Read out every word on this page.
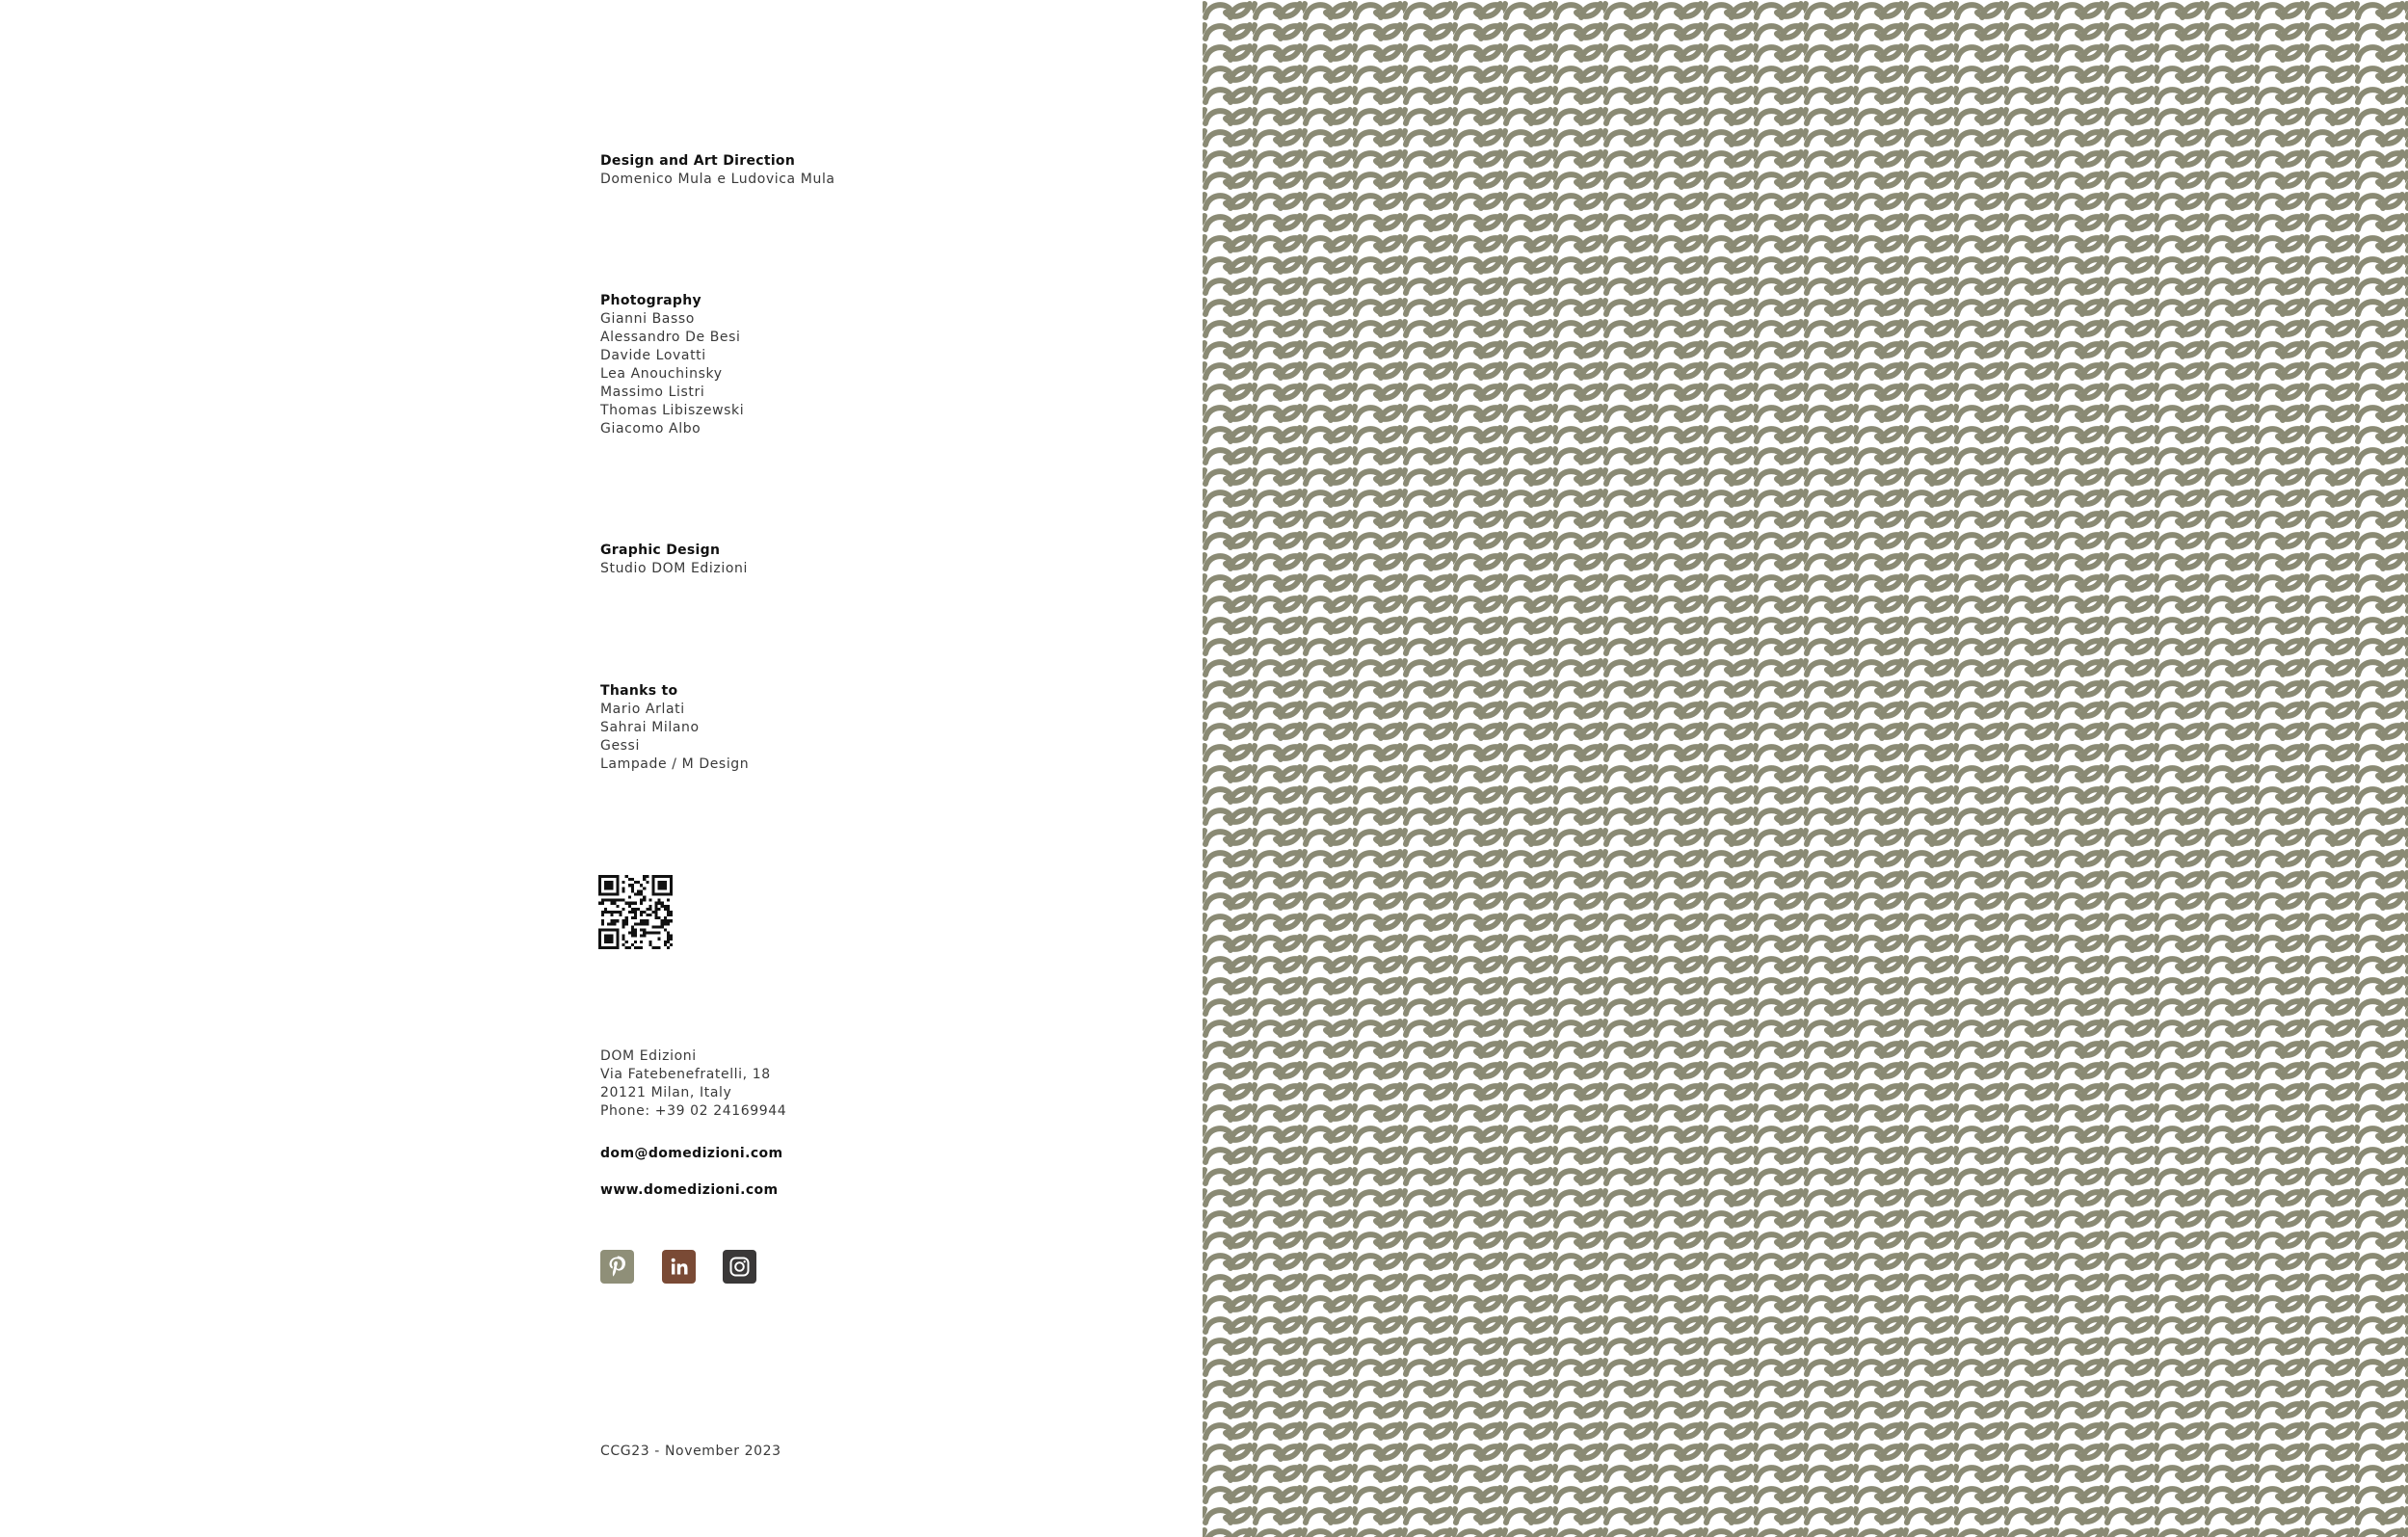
Design and Art Direction
Domenico Mula e Ludovica Mula
Photography
Gianni Basso
Alessandro De Besi
Davide Lovatti
Lea Anouchinsky
Massimo Listri
Thomas Libiszewski
Giacomo Albo
Graphic Design
Studio DOM Edizioni
Thanks to
Mario Arlati
Sahrai Milano
Gessi
Lampade / M Design
DOM Edizioni
Via Fatebenefratelli, 18
20121 Milan, Italy
Phone: +39 02 24169944
dom@domedizioni.com
www.domedizioni.com
CCG23 - November 2023
